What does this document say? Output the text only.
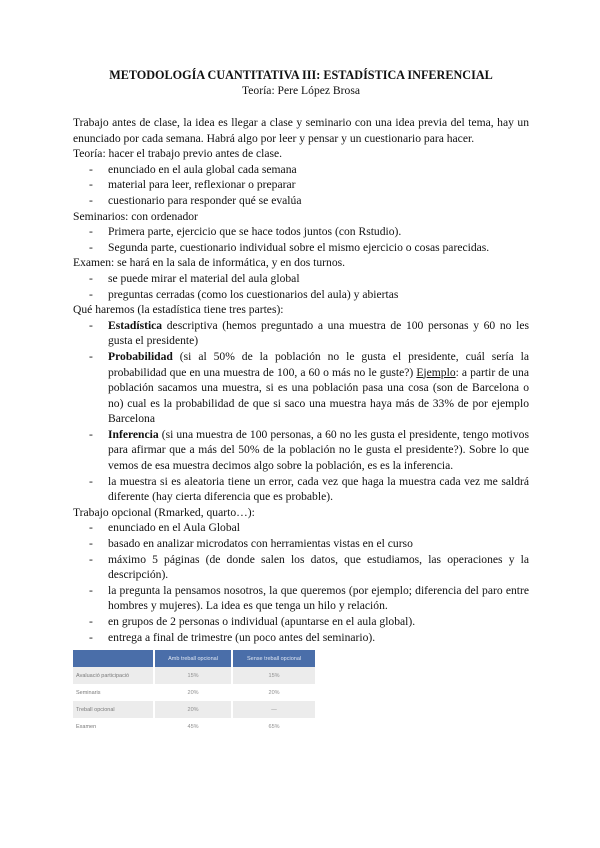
METODOLOGÍA CUANTITATIVA III: ESTADÍSTICA INFERENCIAL

Teoría: Pere López Brosa

Trabajo antes de clase, la idea es llegar a clase y seminario con una idea previa del tema, hay un enunciado por cada semana. Habrá algo por leer y pensar y un cuestionario para hacer.

Teoría: hacer el trabajo previo antes de clase.

- enunciado en el aula global cada semana
- material para leer, reflexionar o preparar
- cuestionario para responder qué se evalúa

Seminarios: con ordenador

- Primera parte, ejercicio que se hace todos juntos (con Rstudio).
- Segunda parte, cuestionario individual sobre el mismo ejercicio o cosas parecidas.

Examen: se hará en la sala de informática, y en dos turnos.

- se puede mirar el material del aula global
- preguntas cerradas (como los cuestionarios del aula) y abiertas

Qué haremos (la estadística tiene tres partes):

- Estadística descriptiva (hemos preguntado a una muestra de 100 personas y 60 no les gusta el presidente)
- Probabilidad (si al 50% de la población no le gusta el presidente, cuál sería la probabilidad que en una muestra de 100, a 60 o más no le guste?) Ejemplo: a partir de una población sacamos una muestra, si es una población pasa una cosa (son de Barcelona o no) cual es la probabilidad de que si saco una muestra haya más de 33% de por ejemplo Barcelona
- Inferencia (si una muestra de 100 personas, a 60 no les gusta el presidente, tengo motivos para afirmar que a más del 50% de la población no le gusta el presidente?). Sobre lo que vemos de esa muestra decimos algo sobre la población, es es la inferencia.
- la muestra si es aleatoria tiene un error, cada vez que haga la muestra cada vez me saldrá diferente (hay cierta diferencia que es probable).

Trabajo opcional (Rmarked, quarto…):

- enunciado en el Aula Global
- basado en analizar microdatos con herramientas vistas en el curso
- máximo 5 páginas (de donde salen los datos, que estudiamos, las operaciones y la descripción).
- la pregunta la pensamos nosotros, la que queremos (por ejemplo; diferencia del paro entre hombres y mujeres). La idea es que tenga un hilo y relación.
- en grupos de 2 personas o individual (apuntarse en el aula global).
- entrega a final de trimestre (un poco antes del seminario).
	Amb treball opcional	Sense treball opcional
Avaluació participació	15%	15%
Seminaris	20%	20%
Treball opcional	20%	—
Examen	45%	65%
